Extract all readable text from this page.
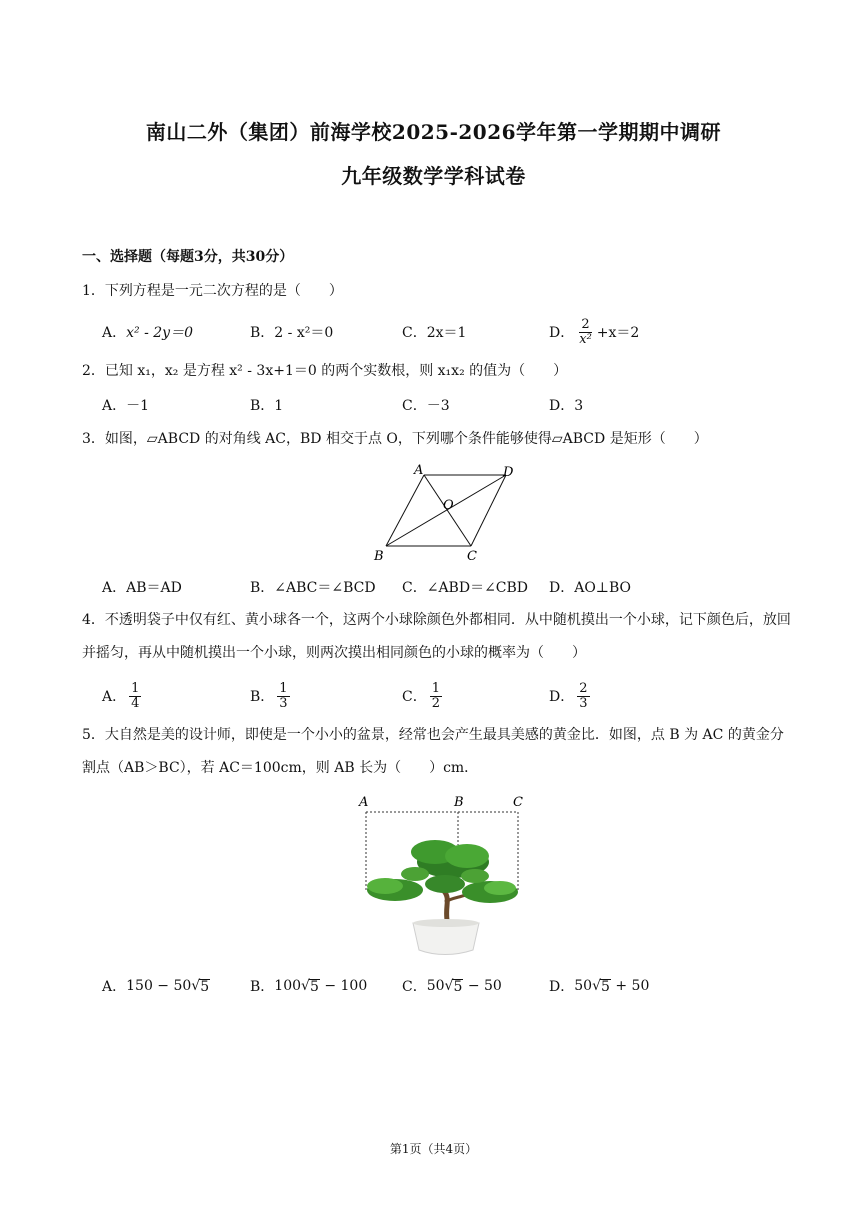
南山二外（集团）前海学校2025-2026学年第一学期期中调研
九年级数学学科试卷
一、选择题（每题3分，共30分）
1．下列方程是一元二次方程的是（　　）
A． x² - 2y＝0	B． 2 - x²＝0	C． 2x＝1	D． $\frac{2}{\text{x²}} +x=2$
2．已知 x₁，x₂ 是方程 x² - 3x+1＝0 的两个实数根，则 x₁x₂ 的值为（　　）
A．－1	B．1	C．－3	D．3
3．如图，▱ABCD 的对角线 AC，BD 相交于点 O，下列哪个条件能够使得▱ABCD 是矩形（　　）
A	D
O
B	C
A．AB＝AD	B．∠ABC＝∠BCD C．∠ABD＝∠CBD D．AO⊥BO
4．不透明袋子中仅有红、黄小球各一个，这两个小球除颜色外都相同．从中随机摸出一个小球，记下颜色后，放回并摇匀，再从中随机摸出一个小球，则两次摸出相同颜色的小球的概率为（　　）
A． $\frac{1}{4}$	B． $\frac{1}{3}$	C． $\frac{1}{2}$	D． $\frac{2}{3}$
5．大自然是美的设计师，即使是一个小小的盆景，经常也会产生最具美感的黄金比．如图，点 B 为 AC 的黄金分割点（AB＞BC），若 AC＝100cm，则 AB 长为（　　）cm．
A	B	C
A． 150 − 50 √ 5	B． 100 √ 5 − 100 C． 50 √ 5 − 50	D． 50 √ 5 + 50
第1页（共4页）
